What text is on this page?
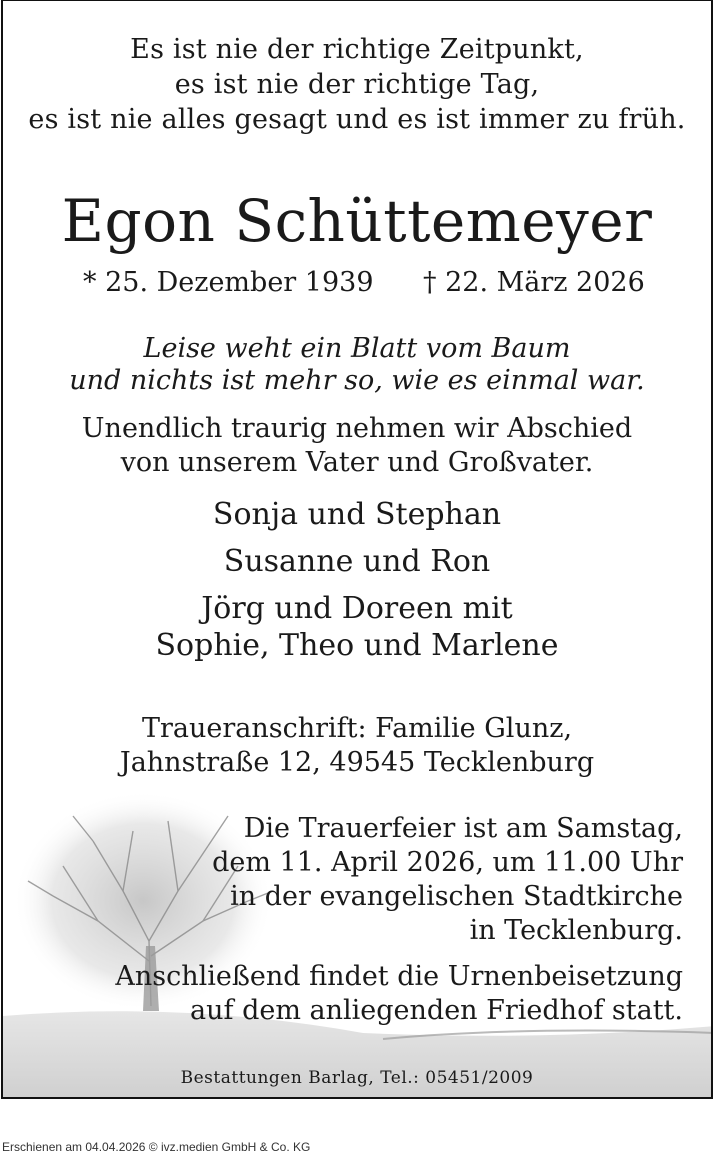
Es ist nie der richtige Zeitpunkt,

es ist nie der richtige Tag,

es ist nie alles gesagt und es ist immer zu früh.

Egon Schüttemeyer

* 25. Dezember 1939 † 22. März 2026

Leise weht ein Blatt vom Baum

und nichts ist mehr so, wie es einmal war.

Unendlich traurig nehmen wir Abschied

von unserem Vater und Großvater.

Sonja und Stephan

Susanne und Ron

Jörg und Doreen mit

Sophie, Theo und Marlene

Traueranschrift: Familie Glunz,

Jahnstraße 12, 49545 Tecklenburg

Die Trauerfeier ist am Samstag,

dem 11. April 2026, um 11.00 Uhr

in der evangelischen Stadtkirche

in Tecklenburg.

Anschließend findet die Urnenbeisetzung

auf dem anliegenden Friedhof statt.

Bestattungen Barlag, Tel.: 05451/2009
Erschienen am 04.04.2026 © ivz.medien GmbH & Co. KG
